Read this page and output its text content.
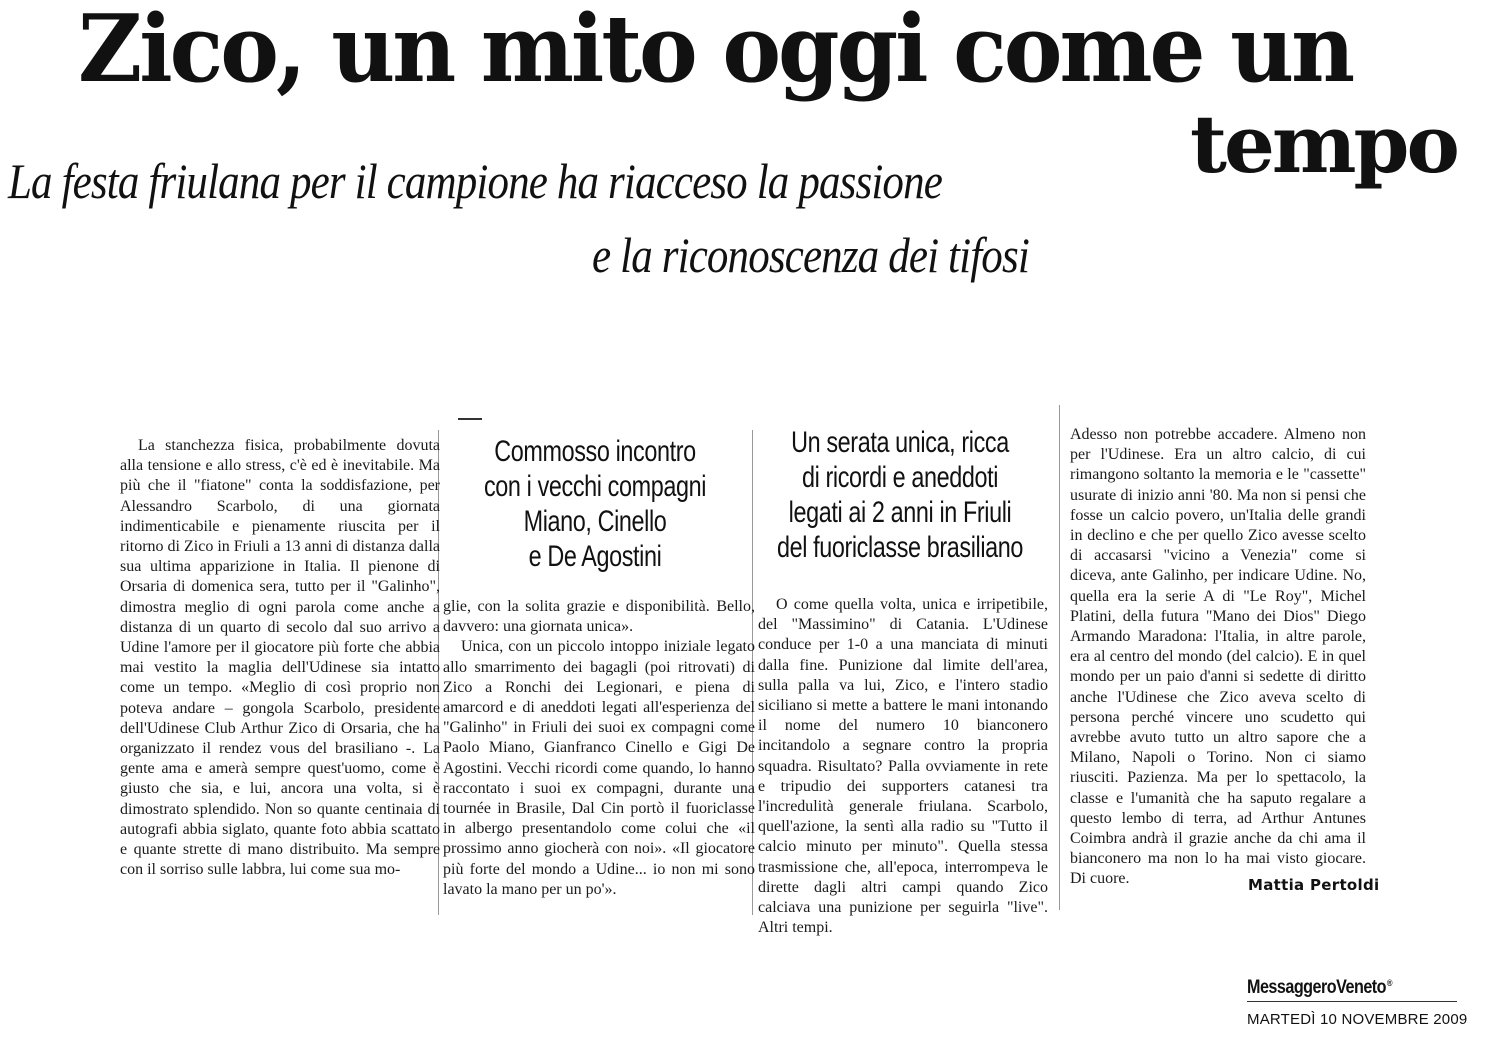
Zico, un mito oggi come un
tempo
La festa friulana per il campione ha riacceso la passione
e la riconoscenza dei tifosi

La stanchezza fisica, probabilmente dovuta alla tensione e allo stress, c'è ed è inevitabile. Ma più che il "fiatone" conta la soddisfazione, per Alessandro Scarbolo, di una giornata indimenticabile e pienamente riuscita per il ritorno di Zico in Friuli a 13 anni di distanza dalla sua ultima apparizione in Italia. Il pienone di Orsaria di domenica sera, tutto per il "Galinho", dimostra meglio di ogni parola come anche a distanza di un quarto di secolo dal suo arrivo a Udine l'amore per il giocatore più forte che abbia mai vestito la maglia dell'Udinese sia intatto come un tempo. «Meglio di così proprio non poteva andare – gongola Scarbolo, presidente dell'Udinese Club Arthur Zico di Orsaria, che ha organizzato il rendez vous del brasiliano -. La gente ama e amerà sempre quest'uomo, come è giusto che sia, e lui, ancora una volta, si è dimostrato splendido. Non so quante centinaia di autografi abbia siglato, quante foto abbia scattato e quante strette di mano distribuito. Ma sempre con il sorriso sulle labbra, lui come sua mo-

Commosso incontro
con i vecchi compagni
Miano, Cinello
e De Agostini

glie, con la solita grazie e disponibilità. Bello, davvero: una giornata unica».

Unica, con un piccolo intoppo iniziale legato allo smarrimento dei bagagli (poi ritrovati) di Zico a Ronchi dei Legionari, e piena di amarcord e di aneddoti legati all'esperienza del "Galinho" in Friuli dei suoi ex compagni come Paolo Miano, Gianfranco Cinello e Gigi De Agostini. Vecchi ricordi come quando, lo hanno raccontato i suoi ex compagni, durante una tournée in Brasile, Dal Cin portò il fuoriclasse in albergo presentandolo come colui che «il prossimo anno giocherà con noi». «Il giocatore più forte del mondo a Udine... io non mi sono lavato la mano per un po'».

Un serata unica, ricca
di ricordi e aneddoti
legati ai 2 anni in Friuli
del fuoriclasse brasiliano

O come quella volta, unica e irripetibile, del "Massimino" di Catania. L'Udinese conduce per 1-0 a una manciata di minuti dalla fine. Punizione dal limite dell'area, sulla palla va lui, Zico, e l'intero stadio siciliano si mette a battere le mani intonando il nome del numero 10 bianconero incitandolo a segnare contro la propria squadra. Risultato? Palla ovviamente in rete e tripudio dei supporters catanesi tra l'incredulità generale friulana. Scarbolo, quell'azione, la sentì alla radio su "Tutto il calcio minuto per minuto". Quella stessa trasmissione che, all'epoca, interrompeva le dirette dagli altri campi quando Zico calciava una punizione per seguirla "live". Altri tempi.

Adesso non potrebbe accadere. Almeno non per l'Udinese. Era un altro calcio, di cui rimangono soltanto la memoria e le "cassette" usurate di inizio anni '80. Ma non si pensi che fosse un calcio povero, un'Italia delle grandi in declino e che per quello Zico avesse scelto di accasarsi "vicino a Venezia" come si diceva, ante Galinho, per indicare Udine. No, quella era la serie A di "Le Roy", Michel Platini, della futura "Mano dei Dios" Diego Armando Maradona: l'Italia, in altre parole, era al centro del mondo (del calcio). E in quel mondo per un paio d'anni si sedette di diritto anche l'Udinese che Zico aveva scelto di persona perché vincere uno scudetto qui avrebbe avuto tutto un altro sapore che a Milano, Napoli o Torino. Non ci siamo riusciti. Pazienza. Ma per lo spettacolo, la classe e l'umanità che ha saputo regalare a questo lembo di terra, ad Arthur Antunes Coimbra andrà il grazie anche da chi ama il bianconero ma non lo ha mai visto giocare. Di cuore.	Mattia Pertoldi
MessaggeroVeneto®
MARTEDÌ 10 NOVEMBRE 2009
